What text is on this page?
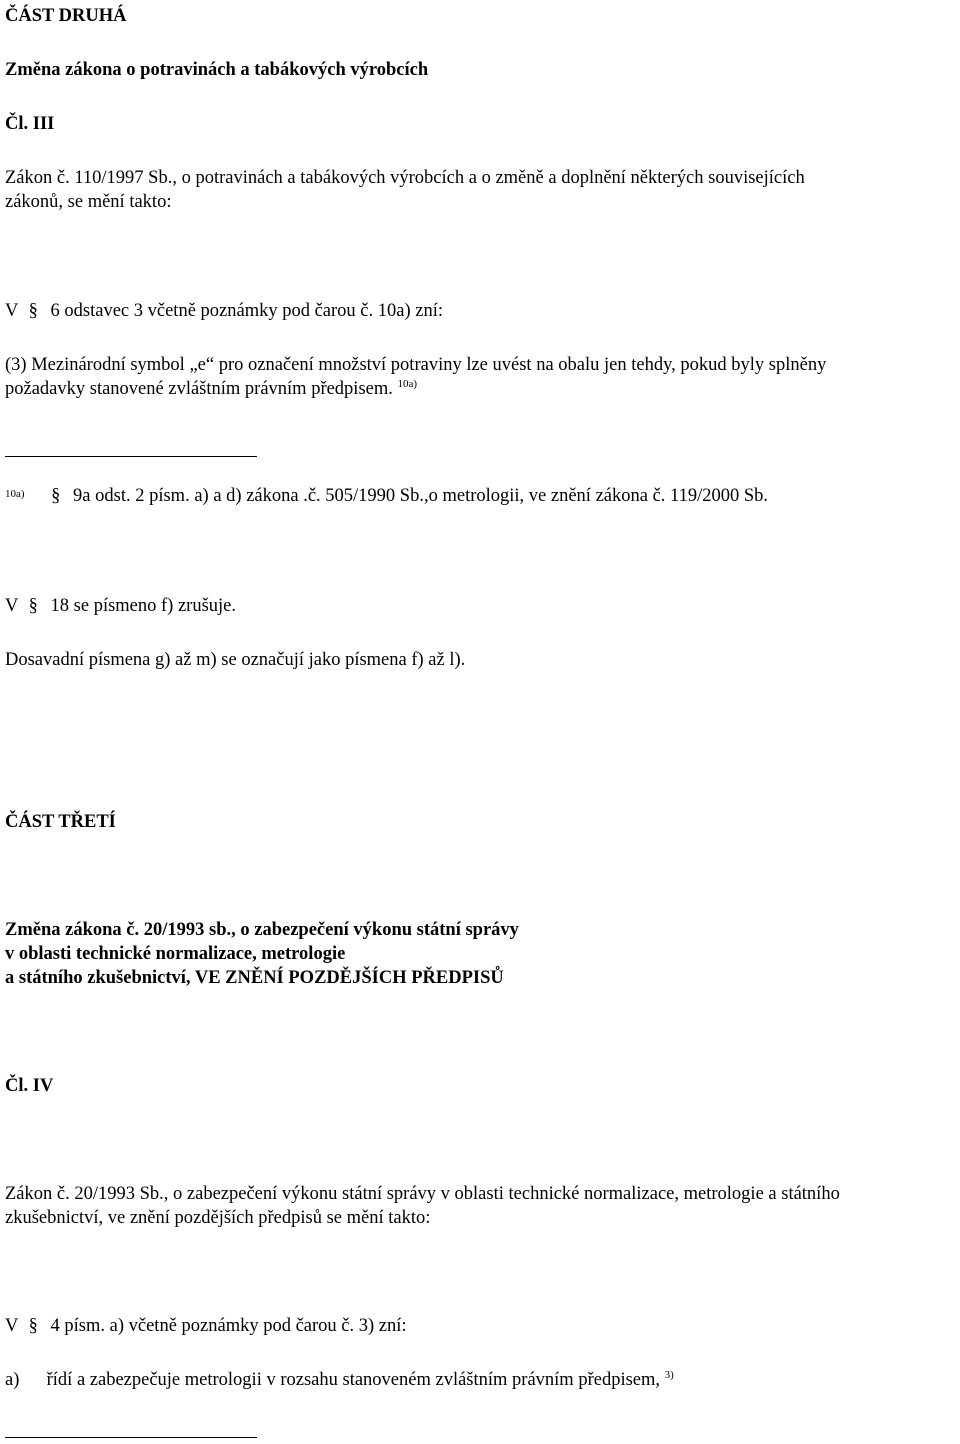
ČÁST DRUHÁ
Změna zákona o potravinách a tabákových výrobcích
Čl. III
Zákon č. 110/1997 Sb., o potravinách a tabákových výrobcích a o změně a doplnění některých souvisejících
zákonů, se mění takto:
V § 6 odstavec 3 včetně poznámky pod čarou č. 10a) zní:
(3) Mezinárodní symbol „e“ pro označení množství potraviny lze uvést na obalu jen tehdy, pokud byly splněny
požadavky stanovené zvláštním právním předpisem. $^{10a)}$
$^{10a)}$ § 9a odst. 2 písm. a) a d) zákona .č. 505/1990 Sb.,o metrologii, ve znění zákona č. 119/2000 Sb.
V § 18 se písmeno f) zrušuje.
Dosavadní písmena g) až m) se označují jako písmena f) až l).
ČÁST TŘETÍ
Změna zákona č. 20/1993 sb., o zabezpečení výkonu státní správy
v oblasti technické normalizace, metrologie
a státního zkušebnictví, VE ZNĚNÍ POZDĚJŠÍCH PŘEDPISŮ
Čl. IV
Zákon č. 20/1993 Sb., o zabezpečení výkonu státní správy v oblasti technické normalizace, metrologie a státního
zkušebnictví, ve znění pozdějších předpisů se mění takto:
V § 4 písm. a) včetně poznámky pod čarou č. 3) zní:
a) řídí a zabezpečuje metrologii v rozsahu stanoveném zvláštním právním předpisem, $^{3)}$
